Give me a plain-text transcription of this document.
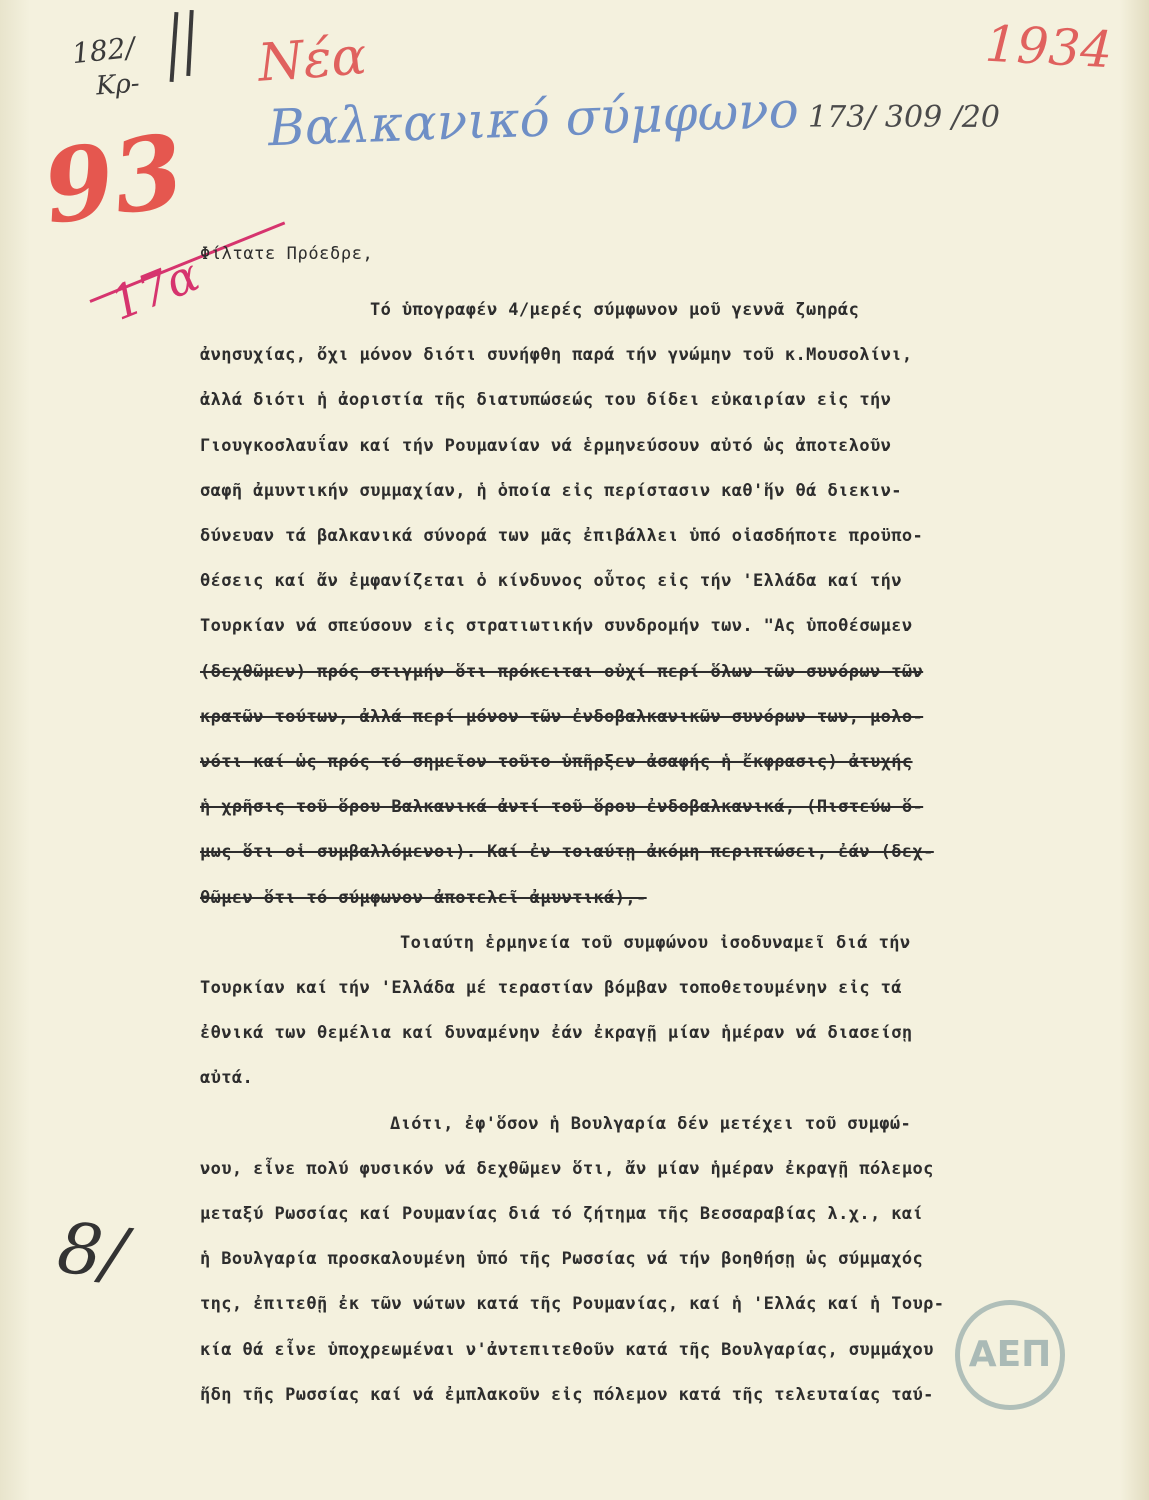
182/
Κρ- Νέα
Βαλκανικό σύμφωνο 173/ 309 /20
1934
93
17α
8/
Φίλτατε Πρόεδρε,
Τό ὑπογραφέν 4/μερές σύμφωνον μοῦ γεννᾶ ζωηράς
ἀνησυχίας, ὄχι μόνον διότι συνήφθη παρά τήν γνώμην τοῦ κ.Μουσολίνι,
ἀλλά διότι ἡ ἀοριστία τῆς διατυπώσεώς του δίδει εὐκαιρίαν εἰς τήν
Γιουγκοσλαυΐαν καί τήν Ρουμανίαν νά ἑρμηνεύσουν αὐτό ὡς ἀποτελοῦν
σαφῆ ἀμυντικήν συμμαχίαν, ἡ ὁποία εἰς περίστασιν καθ'ἥν θά διεκιν-
δύνευαν τά βαλκανικά σύνορά των μᾶς ἐπιβάλλει ὑπό οἱασδήποτε προϋπο-
θέσεις καί ἄν ἐμφανίζεται ὁ κίνδυνος οὗτος εἰς τήν 'Ελλάδα καί τήν
Τουρκίαν νά σπεύσουν εἰς στρατιωτικήν συνδρομήν των. "Ας ὑποθέσωμεν
(δεχθῶμεν) πρός στιγμήν ὅτι πρόκειται οὐχί περί ὅλων τῶν συνόρων τῶν
κρατῶν τούτων, ἀλλά περί μόνον τῶν ἐνδοβαλκανικῶν συνόρων των, μολο-
νότι καί ὡς πρός τό σημεῖον τοῦτο ὑπῆρξεν ἀσαφής ἡ ἔκφρασις) ἀτυχής
ἡ χρῆσις τοῦ ὅρου Βαλκανικά ἀντί τοῦ ὅρου ἐνδοβαλκανικά, (Πιστεύω ὅ-
μως ὅτι οἱ συμβαλλόμενοι). Καί ἐν τοιαύτῃ ἀκόμη περιπτώσει, ἐάν (δεχ-
θῶμεν ὅτι τό σύμφωνον ἀποτελεῖ ἀμυντικά),-
Τοιαύτη ἑρμηνεία τοῦ συμφώνου ἰσοδυναμεῖ διά τήν
Τουρκίαν καί τήν 'Ελλάδα μέ τεραστίαν βόμβαν τοποθετουμένην εἰς τά
ἐθνικά των θεμέλια καί δυναμένην ἐάν ἐκραγῇ μίαν ἡμέραν νά διασείσῃ
αὐτά.
Διότι, ἐφ'ὅσον ἡ Βουλγαρία δέν μετέχει τοῦ συμφώ-
νου, εἶνε πολύ φυσικόν νά δεχθῶμεν ὅτι, ἄν μίαν ἡμέραν ἐκραγῇ πόλεμος
μεταξύ Ρωσσίας καί Ρουμανίας διά τό ζήτημα τῆς Βεσσαραβίας λ.χ., καί
ἡ Βουλγαρία προσκαλουμένη ὑπό τῆς Ρωσσίας νά τήν βοηθήσῃ ὡς σύμμαχός
της, ἐπιτεθῇ ἐκ τῶν νώτων κατά τῆς Ρουμανίας, καί ἡ 'Ελλάς καί ἡ Τουρ-
κία θά εἶνε ὑποχρεωμέναι ν'ἀντεπιτεθοῦν κατά τῆς Βουλγαρίας, συμμάχου
ἤδη τῆς Ρωσσίας καί νά ἐμπλακοῦν εἰς πόλεμον κατά τῆς τελευταίας ταύ-
ΑΕΠ
